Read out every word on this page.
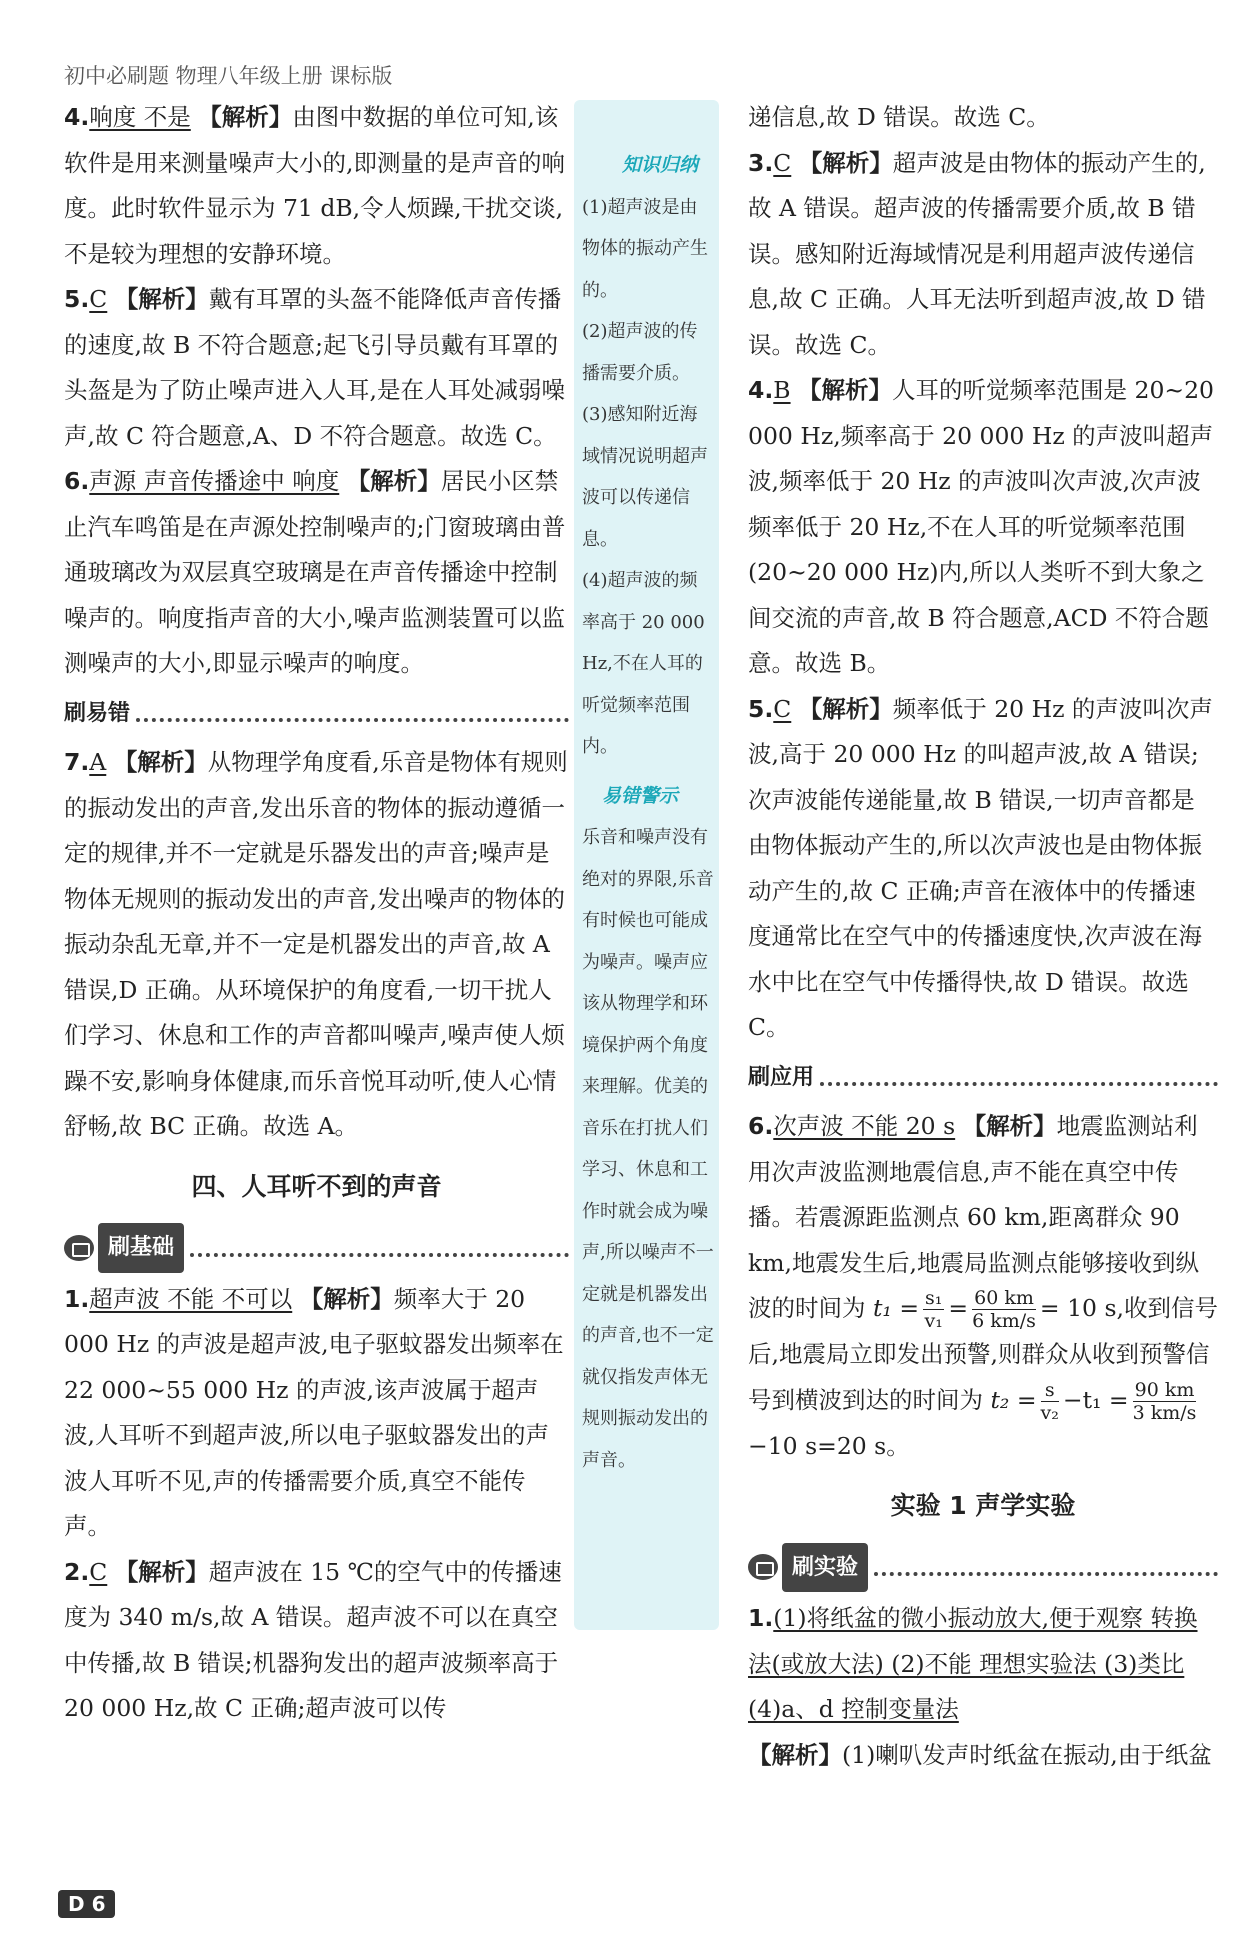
初中必刷题 物理八年级上册 课标版

4.响度 不是 【解析】由图中数据的单位可知,该软件是用来测量噪声大小的,即测量的是声音的响度。此时软件显示为 71 dB,令人烦躁,干扰交谈,不是较为理想的安静环境。

5.C 【解析】戴有耳罩的头盔不能降低声音传播的速度,故 B 不符合题意;起飞引导员戴有耳罩的头盔是为了防止噪声进入人耳,是在人耳处减弱噪声,故 C 符合题意,A、D 不符合题意。故选 C。

6.声源 声音传播途中 响度 【解析】居民小区禁止汽车鸣笛是在声源处控制噪声的;门窗玻璃由普通玻璃改为双层真空玻璃是在声音传播途中控制噪声的。响度指声音的大小,噪声监测装置可以监测噪声的大小,即显示噪声的响度。

刷易错

7.A 【解析】从物理学角度看,乐音是物体有规则的振动发出的声音,发出乐音的物体的振动遵循一定的规律,并不一定就是乐器发出的声音;噪声是物体无规则的振动发出的声音,发出噪声的物体的振动杂乱无章,并不一定是机器发出的声音,故 A 错误,D 正确。从环境保护的角度看,一切干扰人们学习、休息和工作的声音都叫噪声,噪声使人烦躁不安,影响身体健康,而乐音悦耳动听,使人心情舒畅,故 BC 正确。故选 A。

四、人耳听不到的声音
刷基础

1.超声波 不能 不可以 【解析】频率大于 20 000 Hz 的声波是超声波,电子驱蚊器发出频率在 22 000~55 000 Hz 的声波,该声波属于超声波,人耳听不到超声波,所以电子驱蚊器发出的声波人耳听不见,声的传播需要介质,真空不能传声。

2.C 【解析】超声波在 15 ℃的空气中的传播速度为 340 m/s,故 A 错误。超声波不可以在真空中传播,故 B 错误;机器狗发出的超声波频率高于 20 000 Hz,故 C 正确;超声波可以传

知识归纳

(1)超声波是由物体的振动产生的。

(2)超声波的传播需要介质。

(3)感知附近海域情况说明超声波可以传递信息。

(4)超声波的频率高于 20 000 Hz,不在人耳的听觉频率范围内。

易错警示

乐音和噪声没有绝对的界限,乐音有时候也可能成为噪声。噪声应该从物理学和环境保护两个角度来理解。优美的音乐在打扰人们学习、休息和工作时就会成为噪声,所以噪声不一定就是机器发出的声音,也不一定就仅指发声体无规则振动发出的声音。

递信息,故 D 错误。故选 C。

3.C 【解析】超声波是由物体的振动产生的,故 A 错误。超声波的传播需要介质,故 B 错误。感知附近海域情况是利用超声波传递信息,故 C 正确。人耳无法听到超声波,故 D 错误。故选 C。

4.B 【解析】人耳的听觉频率范围是 20~20 000 Hz,频率高于 20 000 Hz 的声波叫超声波,频率低于 20 Hz 的声波叫次声波,次声波频率低于 20 Hz,不在人耳的听觉频率范围(20~20 000 Hz)内,所以人类听不到大象之间交流的声音,故 B 符合题意,ACD 不符合题意。故选 B。

5.C 【解析】频率低于 20 Hz 的声波叫次声波,高于 20 000 Hz 的叫超声波,故 A 错误;次声波能传递能量,故 B 错误,一切声音都是由物体振动产生的,所以次声波也是由物体振动产生的,故 C 正确;声音在液体中的传播速度通常比在空气中的传播速度快,次声波在海水中比在空气中传播得快,故 D 错误。故选 C。

刷应用

6.次声波 不能 20 s 【解析】地震监测站利用次声波监测地震信息,声不能在真空中传播。若震源距监测点 60 km,距离群众 90 km,地震发生后,地震局监测点能够接收到纵波的时间为 $t_1 = \frac{\text{s₁}}{\text{v₁}} = \frac{60 km}{6 km/s} = 10$ s,收到信号后,地震局立即发出预警,则群众从收到预警信号到横波到达的时间为 $t_2 = \frac{s}{\text{v₂}} -t_1 = \frac{90 km}{3 km/s}$
−10 s=20 s。

实验 1 声学实验
刷实验

1.(1)将纸盆的微小振动放大,便于观察 转换法(或放大法) (2)不能 理想实验法 (3)类比 (4)a、d 控制变量法

【解析】(1)喇叭发声时纸盆在振动,由于纸盆

D 6
